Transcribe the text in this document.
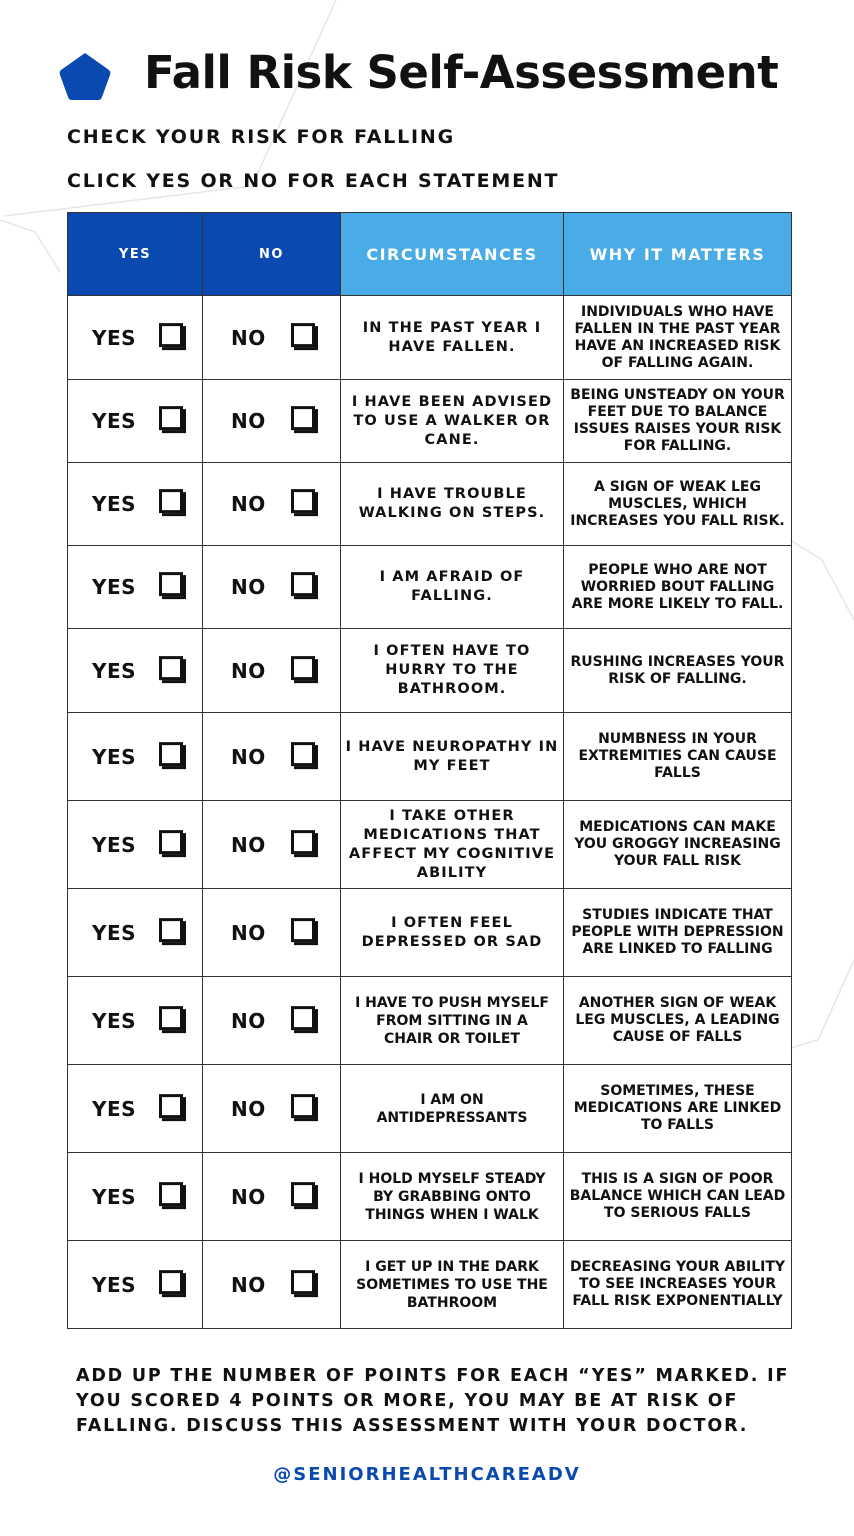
Fall Risk Self-Assessment

CHECK YOUR RISK FOR FALLING

CLICK YES OR NO FOR EACH STATEMENT

YES	NO	CIRCUMSTANCES	WHY IT MATTERS

YES	NO	IN THE PAST YEAR I HAVE FALLEN.	INDIVIDUALS WHO HAVE FALLEN IN THE PAST YEAR HAVE AN INCREASED RISK OF FALLING AGAIN.

YES	NO	I HAVE BEEN ADVISED TO USE A WALKER OR CANE.	BEING UNSTEADY ON YOUR FEET DUE TO BALANCE ISSUES RAISES YOUR RISK FOR FALLING.

YES	NO	I HAVE TROUBLE WALKING ON STEPS.	A SIGN OF WEAK LEG MUSCLES, WHICH INCREASES YOU FALL RISK.

YES	NO	I AM AFRAID OF FALLING.	PEOPLE WHO ARE NOT WORRIED BOUT FALLING ARE MORE LIKELY TO FALL.

YES	NO	I OFTEN HAVE TO HURRY TO THE BATHROOM.	RUSHING INCREASES YOUR RISK OF FALLING.

YES	NO	I HAVE NEUROPATHY IN MY FEET	NUMBNESS IN YOUR EXTREMITIES CAN CAUSE FALLS

YES	NO	I TAKE OTHER MEDICATIONS THAT AFFECT MY COGNITIVE ABILITY	MEDICATIONS CAN MAKE YOU GROGGY INCREASING YOUR FALL RISK

YES	NO	I OFTEN FEEL DEPRESSED OR SAD	STUDIES INDICATE THAT PEOPLE WITH DEPRESSION ARE LINKED TO FALLING

YES	NO	I HAVE TO PUSH MYSELF FROM SITTING IN A CHAIR OR TOILET	ANOTHER SIGN OF WEAK LEG MUSCLES, A LEADING CAUSE OF FALLS

YES	NO	I AM ON ANTIDEPRESSANTS	SOMETIMES, THESE MEDICATIONS ARE LINKED TO FALLS

YES	NO	I HOLD MYSELF STEADY BY GRABBING ONTO THINGS WHEN I WALK	THIS IS A SIGN OF POOR BALANCE WHICH CAN LEAD TO SERIOUS FALLS

YES	NO	I GET UP IN THE DARK SOMETIMES TO USE THE BATHROOM	DECREASING YOUR ABILITY TO SEE INCREASES YOUR FALL RISK EXPONENTIALLY

ADD UP THE NUMBER OF POINTS FOR EACH “YES” MARKED. IF YOU SCORED 4 POINTS OR MORE, YOU MAY BE AT RISK OF FALLING. DISCUSS THIS ASSESSMENT WITH YOUR DOCTOR.

@SENIORHEALTHCAREADV
